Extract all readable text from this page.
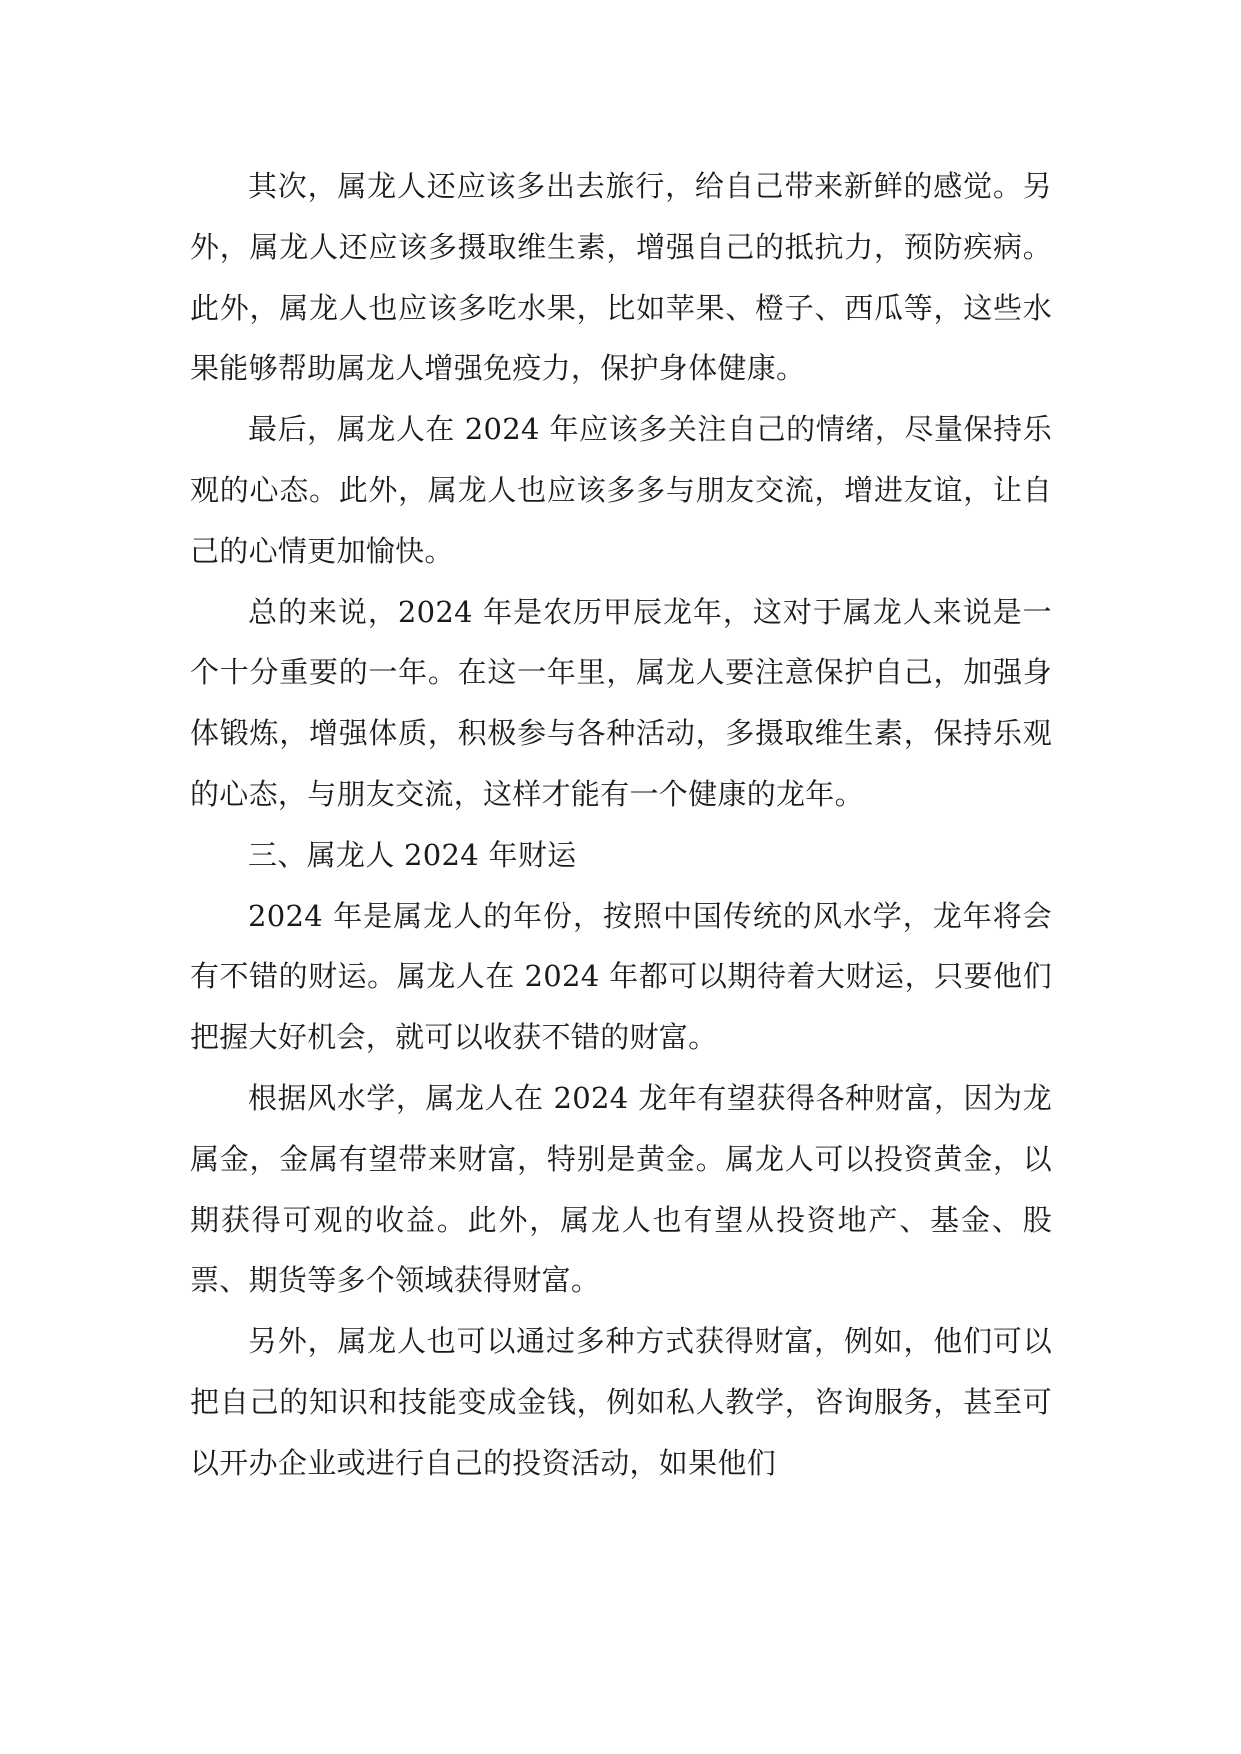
其次，属龙人还应该多出去旅行，给自己带来新鲜的感觉。另外，属龙人还应该多摄取维生素，增强自己的抵抗力，预防疾病。此外，属龙人也应该多吃水果，比如苹果、橙子、西瓜等，这些水果能够帮助属龙人增强免疫力，保护身体健康。

最后，属龙人在 2024 年应该多关注自己的情绪，尽量保持乐观的心态。此外，属龙人也应该多多与朋友交流，增进友谊，让自己的心情更加愉快。

总的来说，2024 年是农历甲辰龙年，这对于属龙人来说是一个十分重要的一年。在这一年里，属龙人要注意保护自己，加强身体锻炼，增强体质，积极参与各种活动，多摄取维生素，保持乐观的心态，与朋友交流，这样才能有一个健康的龙年。

三、属龙人 2024 年财运

2024 年是属龙人的年份，按照中国传统的风水学，龙年将会有不错的财运。属龙人在 2024 年都可以期待着大财运，只要他们把握大好机会，就可以收获不错的财富。

根据风水学，属龙人在 2024 龙年有望获得各种财富，因为龙属金，金属有望带来财富，特别是黄金。属龙人可以投资黄金，以期获得可观的收益。此外，属龙人也有望从投资地产、基金、股票、期货等多个领域获得财富。

另外，属龙人也可以通过多种方式获得财富，例如，他们可以把自己的知识和技能变成金钱，例如私人教学，咨询服务，甚至可以开办企业或进行自己的投资活动，如果他们
